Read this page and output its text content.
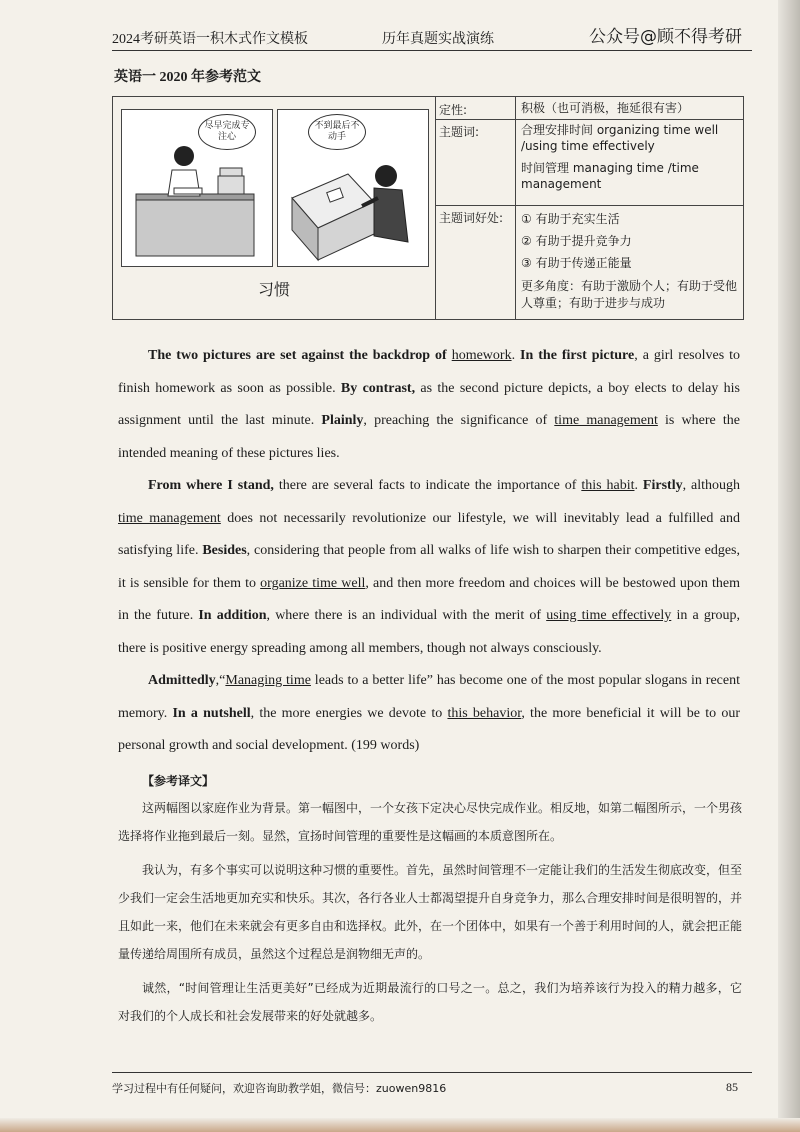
2024考研英语一积木式作文模板	历年真题实战演练	公众号@顾不得考研
英语一 2020 年参考范文
尽早完成专注心
不到最后不动手
习惯
定性:	积极（也可消极，拖延很有害）
主题词:	合理安排时间 organizing time well /using time effectively
时间管理 managing time /time management
主题词好处:	① 有助于充实生活
② 有助于提升竞争力
③ 有助于传递正能量
更多角度：有助于激励个人；有助于受他人尊重；有助于进步与成功

The two pictures are set against the backdrop of homework. In the first picture, a girl resolves to finish homework as soon as possible. By contrast, as the second picture depicts, a boy elects to delay his assignment until the last minute. Plainly, preaching the significance of time management is where the intended meaning of these pictures lies.

From where I stand, there are several facts to indicate the importance of this habit. Firstly, although time management does not necessarily revolutionize our lifestyle, we will inevitably lead a fulfilled and satisfying life. Besides, considering that people from all walks of life wish to sharpen their competitive edges, it is sensible for them to organize time well, and then more freedom and choices will be bestowed upon them in the future. In addition, where there is an individual with the merit of using time effectively in a group, there is positive energy spreading among all members, though not always consciously.

Admittedly,“Managing time leads to a better life” has become one of the most popular slogans in recent memory. In a nutshell, the more energies we devote to this behavior, the more beneficial it will be to our personal growth and social development. (199 words)

【参考译文】

这两幅图以家庭作业为背景。第一幅图中，一个女孩下定决心尽快完成作业。相反地，如第二幅图所示，一个男孩选择将作业拖到最后一刻。显然，宣扬时间管理的重要性是这幅画的本质意图所在。

我认为，有多个事实可以说明这种习惯的重要性。首先，虽然时间管理不一定能让我们的生活发生彻底改变，但至少我们一定会生活地更加充实和快乐。其次，各行各业人士都渴望提升自身竞争力，那么合理安排时间是很明智的，并且如此一来，他们在未来就会有更多自由和选择权。此外，在一个团体中，如果有一个善于利用时间的人，就会把正能量传递给周围所有成员，虽然这个过程总是润物细无声的。

诚然，“时间管理让生活更美好”已经成为近期最流行的口号之一。总之，我们为培养该行为投入的精力越多，它对我们的个人成长和社会发展带来的好处就越多。

学习过程中有任何疑问，欢迎咨询助教学姐，微信号：zuowen9816	85
